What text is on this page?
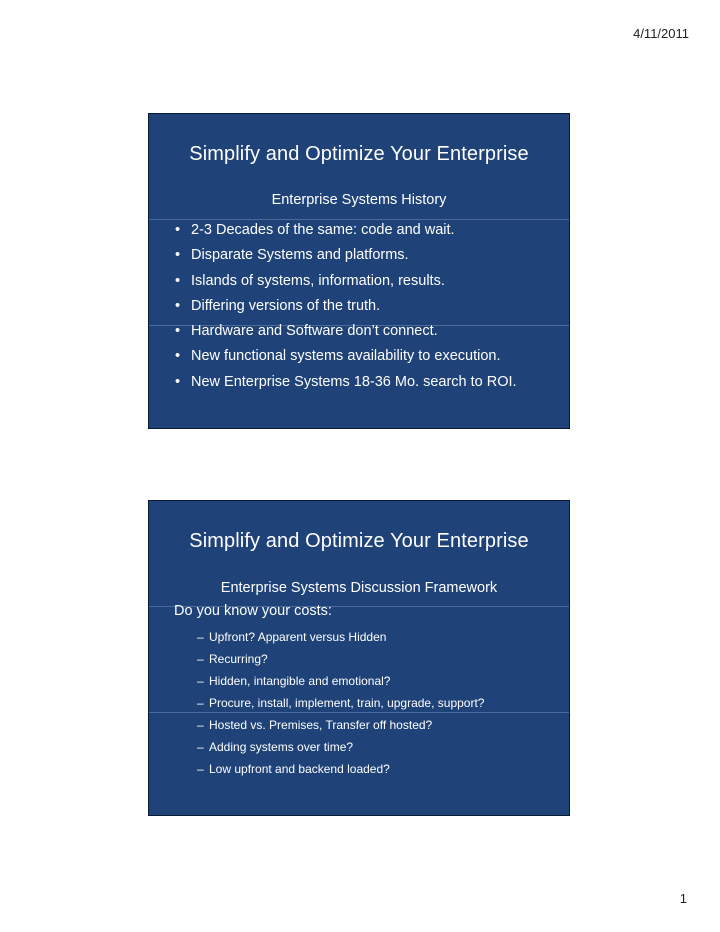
4/11/2011
Simplify and Optimize Your Enterprise
Enterprise Systems History
• 2-3 Decades of the same: code and wait.
• Disparate Systems and platforms.
• Islands of systems, information, results.
• Differing versions of the truth.
• Hardware and Software don’t connect.
• New functional systems availability to execution.
• New Enterprise Systems 18-36 Mo. search to ROI.
Simplify and Optimize Your Enterprise
Enterprise Systems Discussion Framework
Do you know your costs:
– Upfront? Apparent versus Hidden
– Recurring?
– Hidden, intangible and emotional?
– Procure, install, implement, train, upgrade, support?
– Hosted vs. Premises, Transfer off hosted?
– Adding systems over time?
– Low upfront and backend loaded?
1
